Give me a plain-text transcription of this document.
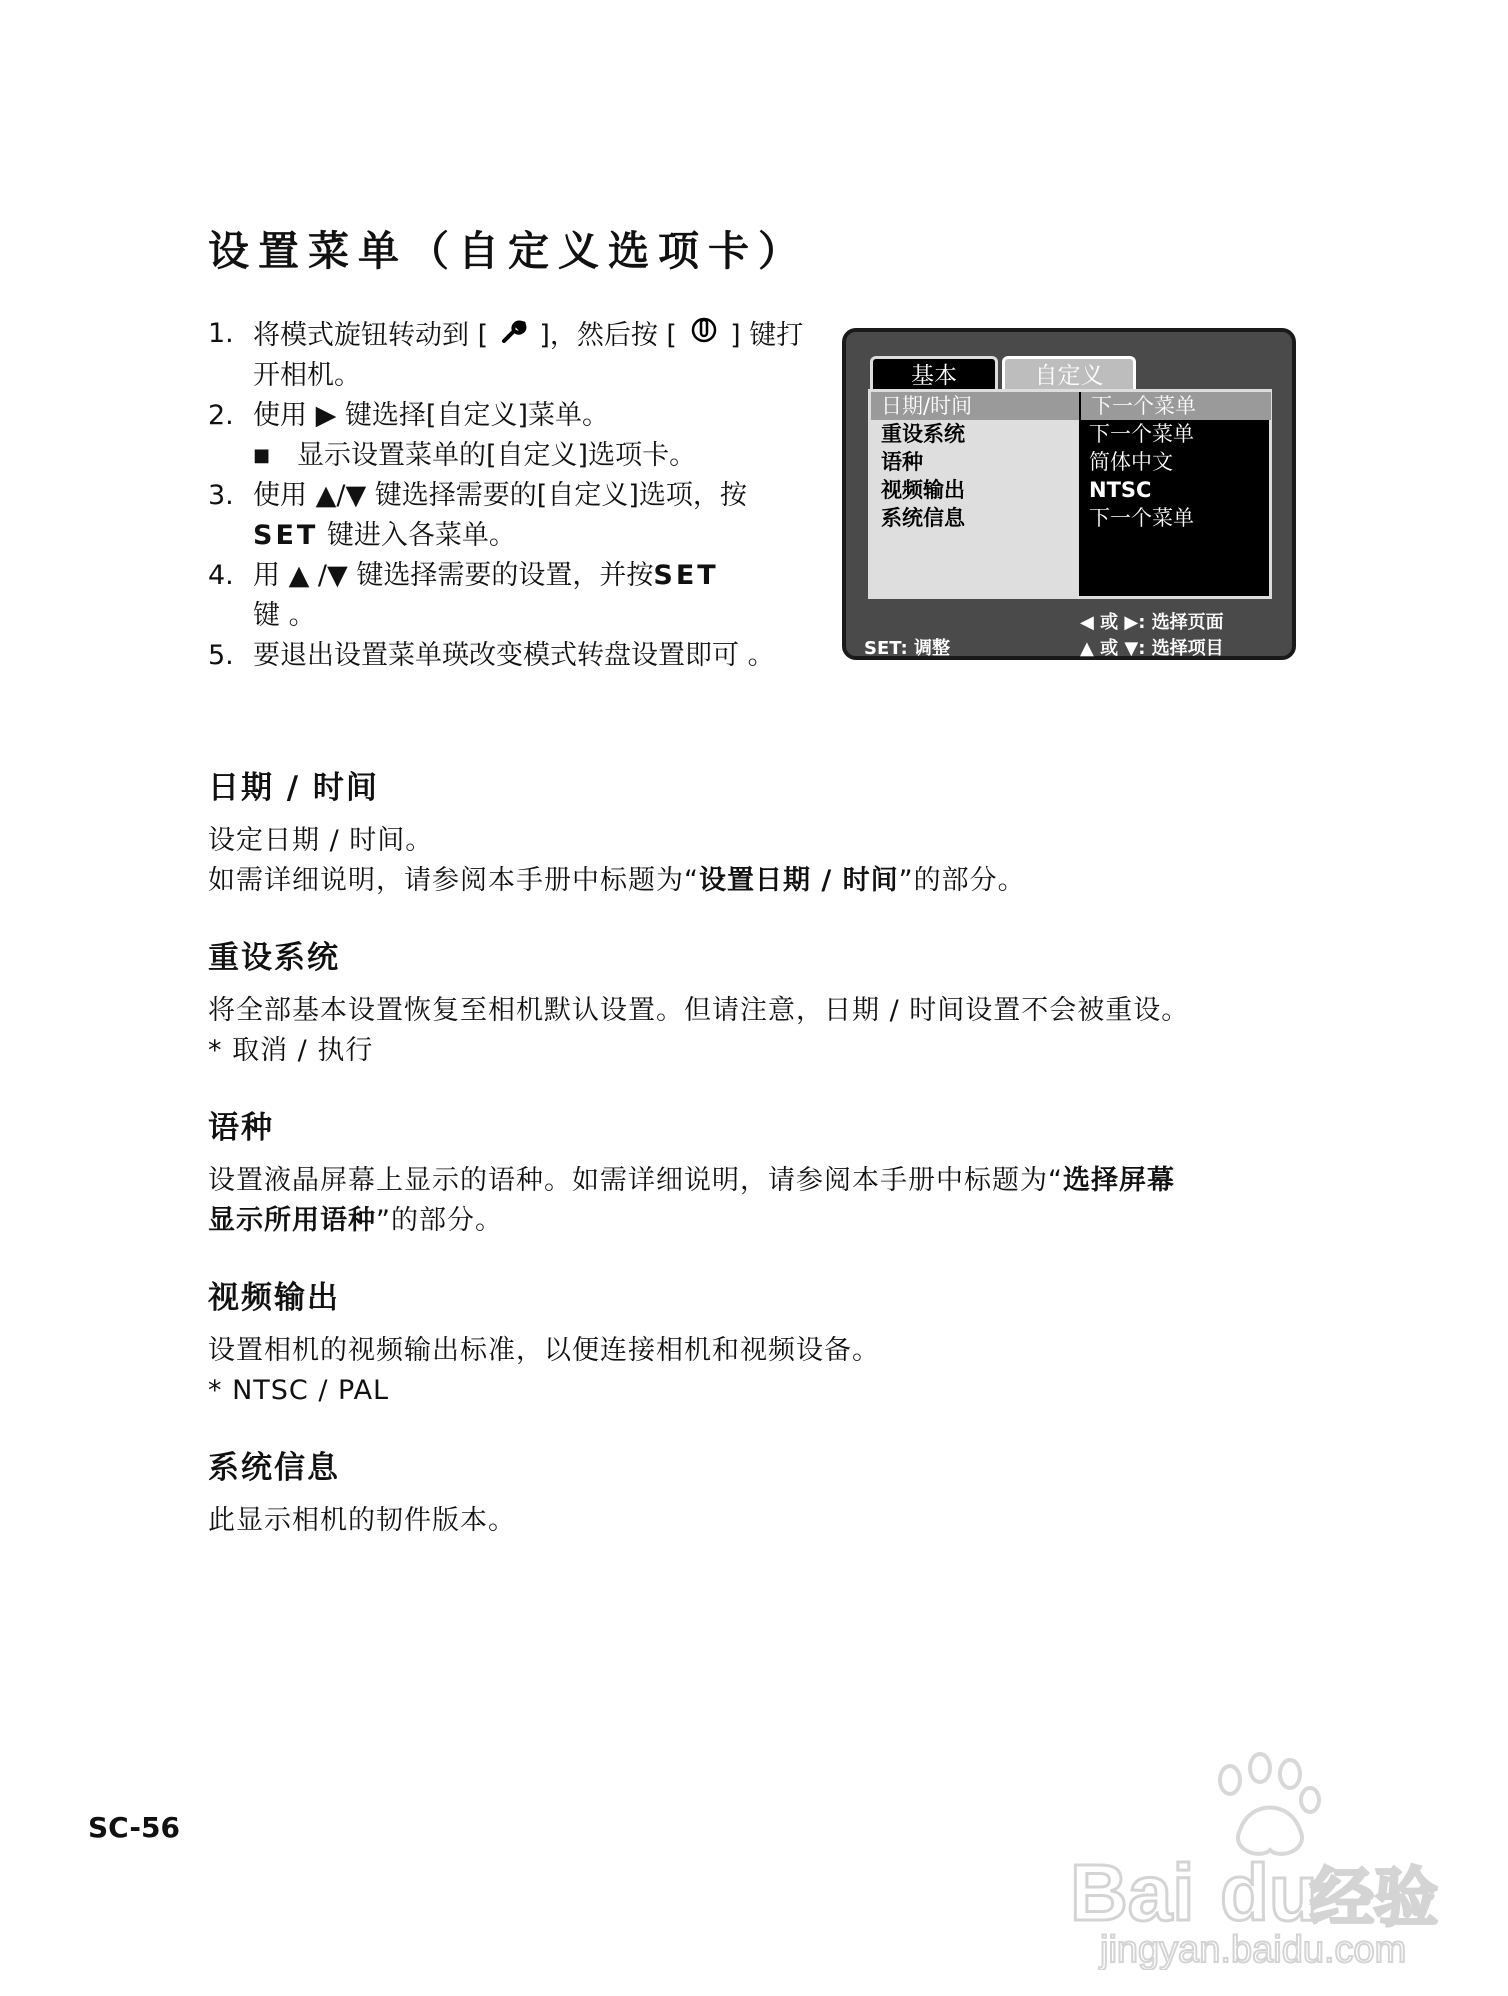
设置菜单（自定义选项卡）
1. 将模式旋钮转动到 [ ]，然后按 [ ] 键打开相机。
2. 使用 ▶ 键选择[自定义]菜单。
■ 显示设置菜单的[自定义]选项卡。
3. 使用 ▲/▼ 键选择需要的[自定义]选项，按SET 键进入各菜单。
4. 用 ▲ /▼ 键选择需要的设置，并按SET
键 。
5. 要退出设置菜单瑛改变模式转盘设置即可 。
基本	自定义
日期/时间
重设系统
语种
视频输出
系统信息
下一个菜单
下一个菜单
简体中文
NTSC
下一个菜单
◀ 或 ▶: 选择页面
SET: 调整	▲ 或 ▼: 选择项目
日期 / 时间

设定日期 / 时间。

如需详细说明，请参阅本手册中标题为“设置日期 / 时间”的部分。

重设系统

将全部基本设置恢复至相机默认设置。但请注意，日期 / 时间设置不会被重设。

* 取消 / 执行

语种

设置液晶屏幕上显示的语种。如需详细说明，请参阅本手册中标题为“选择屏幕

显示所用语种”的部分。

视频输出

设置相机的视频输出标准，以便连接相机和视频设备。

* NTSC / PAL

系统信息

此显示相机的韧件版本。

SC-56
Bai du
经验
jingyan.baidu.com
